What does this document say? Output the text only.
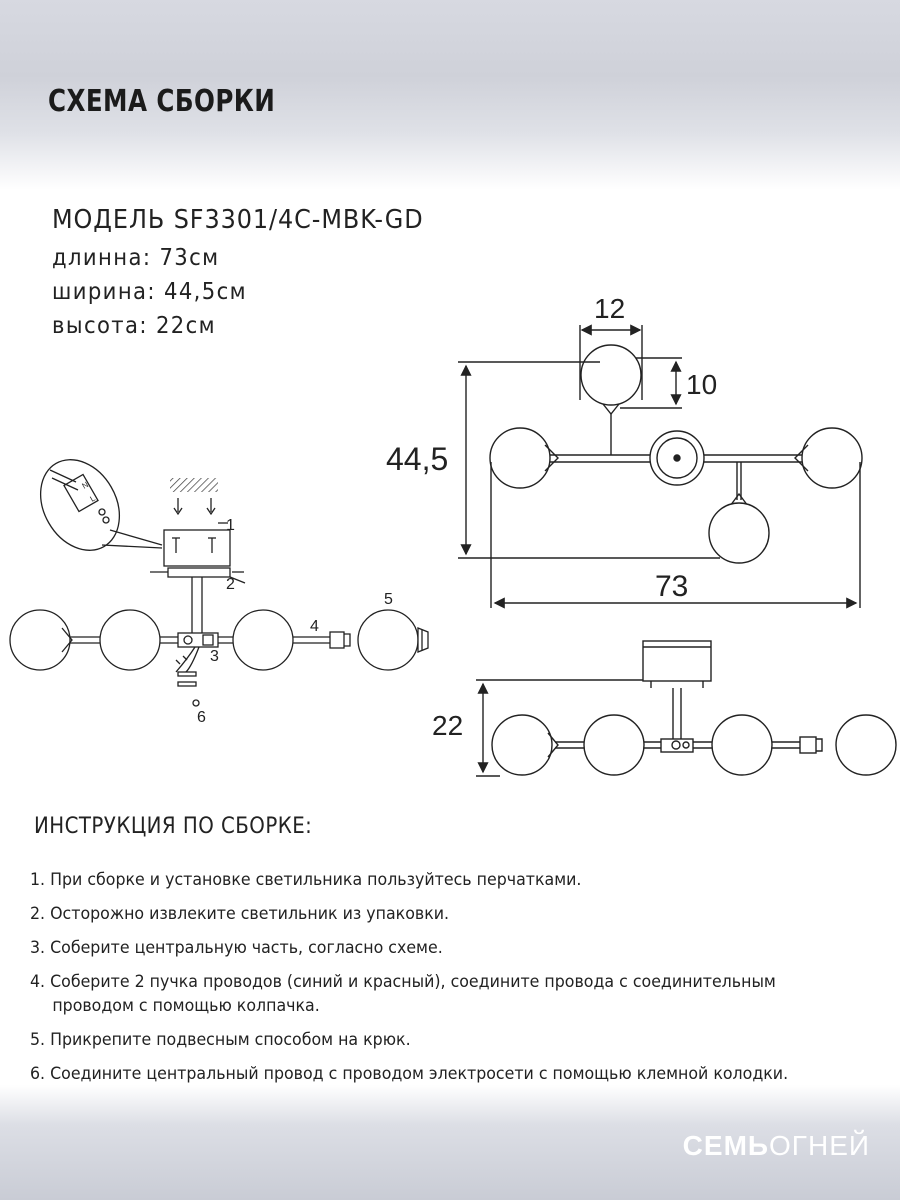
СХЕМА СБОРКИ
МОДЕЛЬ SF3301/4C-MBK-GD
длинна: 73см
ширина: 44,5см
высота: 22см
12
10
44,5
73
22
N
L
1
2
3
4
5
6
ИНСТРУКЦИЯ ПО СБОРКЕ:
1. При сборке и установке светильника пользуйтесь перчатками.
2. Осторожно извлеките светильник из упаковки.
3. Соберите центральную часть, согласно схеме.
4. Соберите 2 пучка проводов (синий и красный), соедините провода с соединительным
проводом с помощью колпачка.
5. Прикрепите подвесным способом на крюк.
6. Соедините центральный провод с проводом электросети с помощью клемной колодки.
СЕМЬОГНЕЙ
